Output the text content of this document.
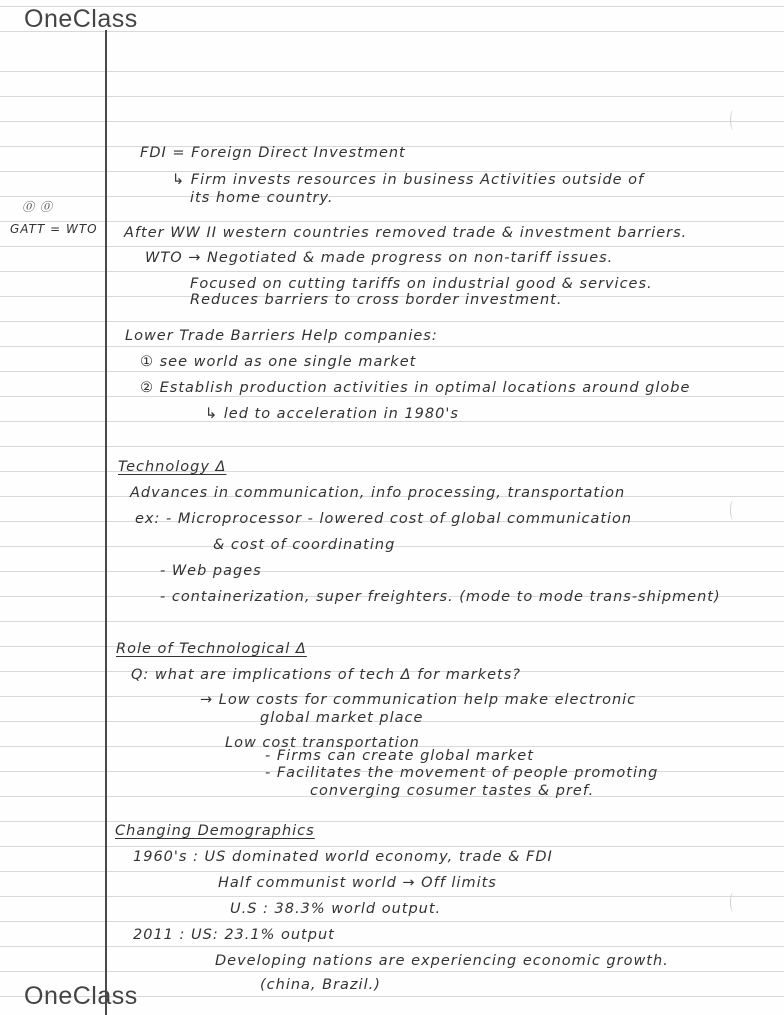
OneClass
OneClass
⓪ ⓪
GATT = WTO
FDI = Foreign Direct Investment
↳ Firm invests resources in business Activities outside of
its home country.
After WW II western countries removed trade & investment barriers.
WTO → Negotiated & made progress on non-tariff issues.
Focused on cutting tariffs on industrial good & services.
Reduces barriers to cross border investment.
Lower Trade Barriers Help companies:
① see world as one single market
② Establish production activities in optimal locations around globe
↳ led to acceleration in 1980's
Technology Δ
Advances in communication, info processing, transportation
ex: - Microprocessor - lowered cost of global communication
& cost of coordinating
- Web pages
- containerization, super freighters. (mode to mode trans-shipment)
Role of Technological Δ
Q: what are implications of tech Δ for markets?
→ Low costs for communication help make electronic
global market place
Low cost transportation
- Firms can create global market
- Facilitates the movement of people promoting
converging cosumer tastes & pref.
Changing Demographics
1960's : US dominated world economy, trade & FDI
Half communist world → Off limits
U.S : 38.3% world output.
2011 : US: 23.1% output
Developing nations are experiencing economic growth.
(china, Brazil.)
